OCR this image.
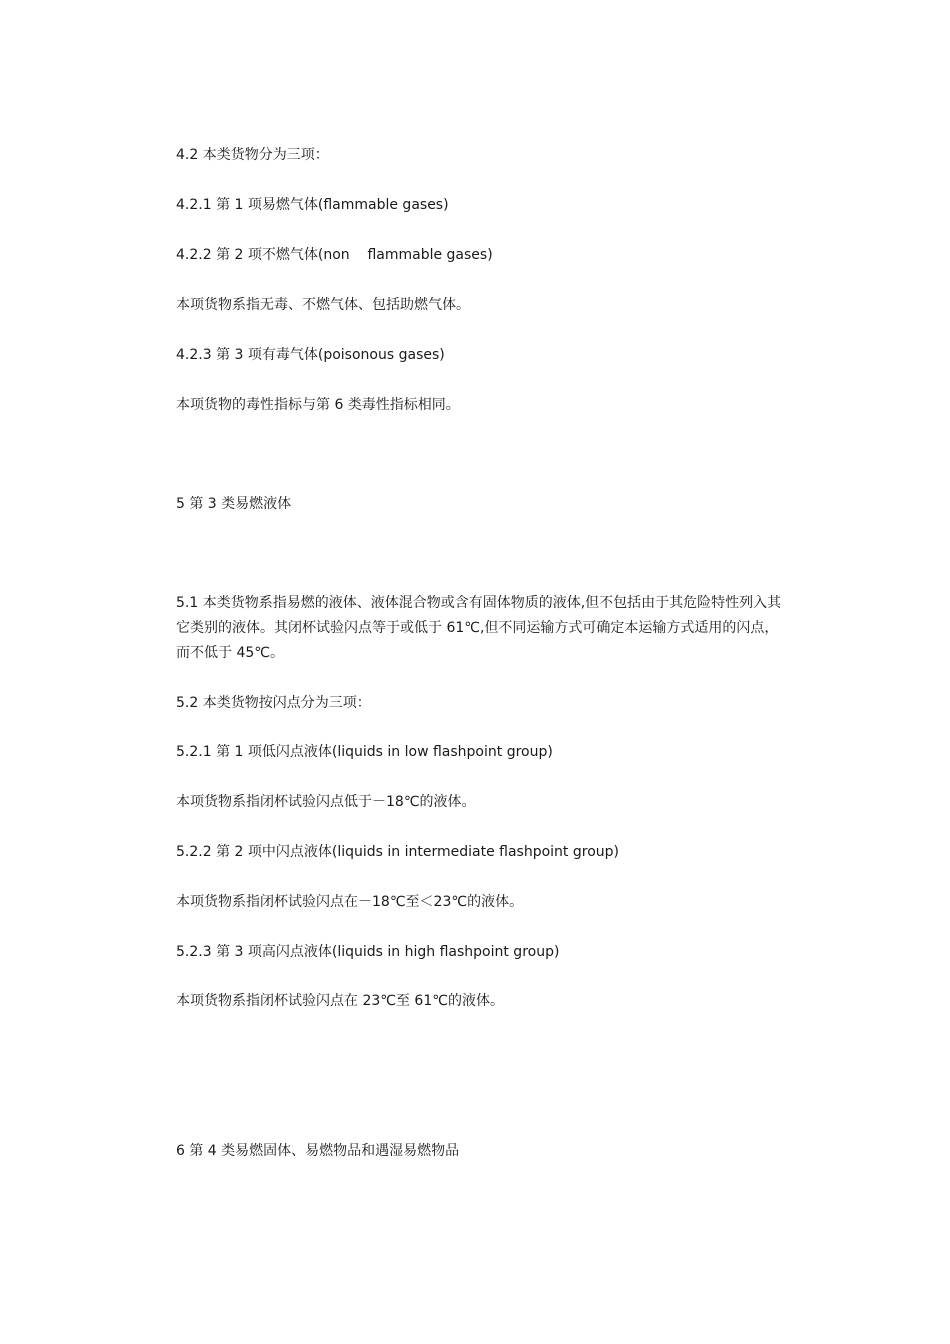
4.2 本类货物分为三项：

4.2.1 第 1 项易燃气体(flammable gases)

4.2.2 第 2 项不燃气体(non    flammable gases)

本项货物系指无毒、不燃气体、包括助燃气体。

4.2.3 第 3 项有毒气体(poisonous gases)

本项货物的毒性指标与第 6 类毒性指标相同。

5 第 3 类易燃液体

5.1 本类货物系指易燃的液体、液体混合物或含有固体物质的液体,但不包括由于其危险特性列入其它类别的液体。其闭杯试验闪点等于或低于 61℃,但不同运输方式可确定本运输方式适用的闪点，而不低于 45℃。

5.2 本类货物按闪点分为三项：

5.2.1 第 1 项低闪点液体(liquids in low flashpoint group)

本项货物系指闭杯试验闪点低于－18℃的液体。

5.2.2 第 2 项中闪点液体(liquids in intermediate flashpoint group)

本项货物系指闭杯试验闪点在－18℃至＜23℃的液体。

5.2.3 第 3 项高闪点液体(liquids in high flashpoint group)

本项货物系指闭杯试验闪点在 23℃至 61℃的液体。

6 第 4 类易燃固体、易燃物品和遇湿易燃物品
